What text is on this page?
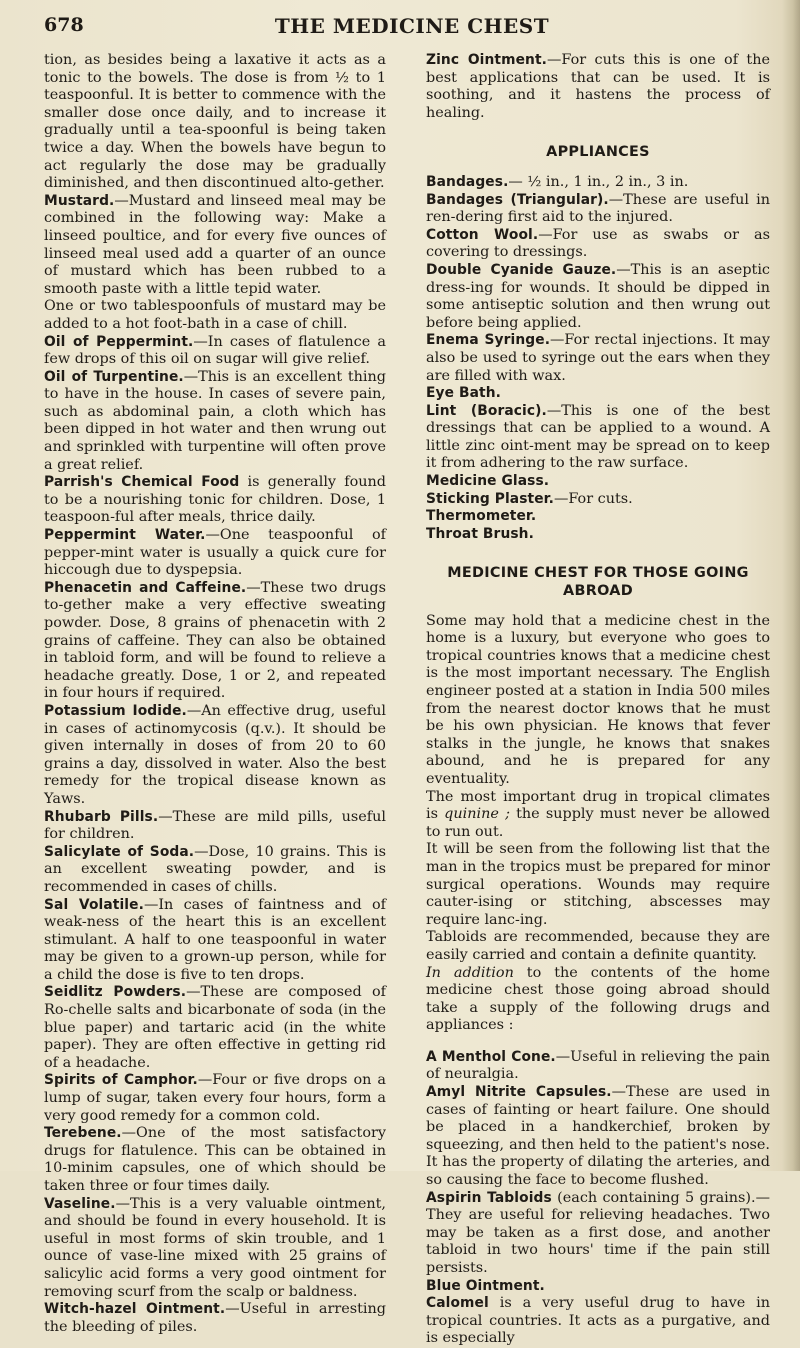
678	THE MEDICINE CHEST

tion, as besides being a laxative it acts as a tonic to the bowels. The dose is from ½ to 1 teaspoonful. It is better to commence with the smaller dose once daily, and to increase it gradually until a tea-spoonful is being taken twice a day. When the bowels have begun to act regularly the dose may be gradually diminished, and then discontinued alto-gether.

Mustard.—Mustard and linseed meal may be combined in the following way: Make a linseed poultice, and for every five ounces of linseed meal used add a quarter of an ounce of mustard which has been rubbed to a smooth paste with a little tepid water.

One or two tablespoonfuls of mustard may be added to a hot foot-bath in a case of chill.

Oil of Peppermint.—In cases of flatulence a few drops of this oil on sugar will give relief.

Oil of Turpentine.—This is an excellent thing to have in the house. In cases of severe pain, such as abdominal pain, a cloth which has been dipped in hot water and then wrung out and sprinkled with turpentine will often prove a great relief.

Parrish's Chemical Food is generally found to be a nourishing tonic for children. Dose, 1 teaspoon-ful after meals, thrice daily.

Peppermint Water.—One teaspoonful of pepper-mint water is usually a quick cure for hiccough due to dyspepsia.

Phenacetin and Caffeine.—These two drugs to-gether make a very effective sweating powder. Dose, 8 grains of phenacetin with 2 grains of caffeine. They can also be obtained in tabloid form, and will be found to relieve a headache greatly. Dose, 1 or 2, and repeated in four hours if required.

Potassium Iodide.—An effective drug, useful in cases of actinomycosis (q.v.). It should be given internally in doses of from 20 to 60 grains a day, dissolved in water. Also the best remedy for the tropical disease known as Yaws.

Rhubarb Pills.—These are mild pills, useful for children.

Salicylate of Soda.—Dose, 10 grains. This is an excellent sweating powder, and is recommended in cases of chills.

Sal Volatile.—In cases of faintness and of weak-ness of the heart this is an excellent stimulant. A half to one teaspoonful in water may be given to a grown-up person, while for a child the dose is five to ten drops.

Seidlitz Powders.—These are composed of Ro-chelle salts and bicarbonate of soda (in the blue paper) and tartaric acid (in the white paper). They are often effective in getting rid of a headache.

Spirits of Camphor.—Four or five drops on a lump of sugar, taken every four hours, form a very good remedy for a common cold.

Terebene.—One of the most satisfactory drugs for flatulence. This can be obtained in 10-minim capsules, one of which should be taken three or four times daily.

Vaseline.—This is a very valuable ointment, and should be found in every household. It is useful in most forms of skin trouble, and 1 ounce of vase-line mixed with 25 grains of salicylic acid forms a very good ointment for removing scurf from the scalp or baldness.

Witch-hazel Ointment.—Useful in arresting the bleeding of piles.

Zinc Ointment.—For cuts this is one of the best applications that can be used. It is soothing, and it hastens the process of healing.

APPLIANCES

Bandages.— ½ in., 1 in., 2 in., 3 in.

Bandages (Triangular).—These are useful in ren-dering first aid to the injured.

Cotton Wool.—For use as swabs or as covering to dressings.

Double Cyanide Gauze.—This is an aseptic dress-ing for wounds. It should be dipped in some antiseptic solution and then wrung out before being applied.

Enema Syringe.—For rectal injections. It may also be used to syringe out the ears when they are filled with wax.

Eye Bath.

Lint (Boracic).—This is one of the best dressings that can be applied to a wound. A little zinc oint-ment may be spread on to keep it from adhering to the raw surface.

Medicine Glass.

Sticking Plaster.—For cuts.

Thermometer.

Throat Brush.

MEDICINE CHEST FOR THOSE GOING ABROAD

Some may hold that a medicine chest in the home is a luxury, but everyone who goes to tropical countries knows that a medicine chest is the most important necessary. The English engineer posted at a station in India 500 miles from the nearest doctor knows that he must be his own physician. He knows that fever stalks in the jungle, he knows that snakes abound, and he is prepared for any eventuality.

The most important drug in tropical climates is quinine ; the supply must never be allowed to run out.

It will be seen from the following list that the man in the tropics must be prepared for minor surgical operations. Wounds may require cauter-ising or stitching, abscesses may require lanc-ing.

Tabloids are recommended, because they are easily carried and contain a definite quantity.

In addition to the contents of the home medicine chest those going abroad should take a supply of the following drugs and appliances :

A Menthol Cone.—Useful in relieving the pain of neuralgia.

Amyl Nitrite Capsules.—These are used in cases of fainting or heart failure. One should be placed in a handkerchief, broken by squeezing, and then held to the patient's nose. It has the property of dilating the arteries, and so causing the face to become flushed.

Aspirin Tabloids (each containing 5 grains).—They are useful for relieving headaches. Two may be taken as a first dose, and another tabloid in two hours' time if the pain still persists.

Blue Ointment.

Calomel is a very useful drug to have in tropical countries. It acts as a purgative, and is especially
